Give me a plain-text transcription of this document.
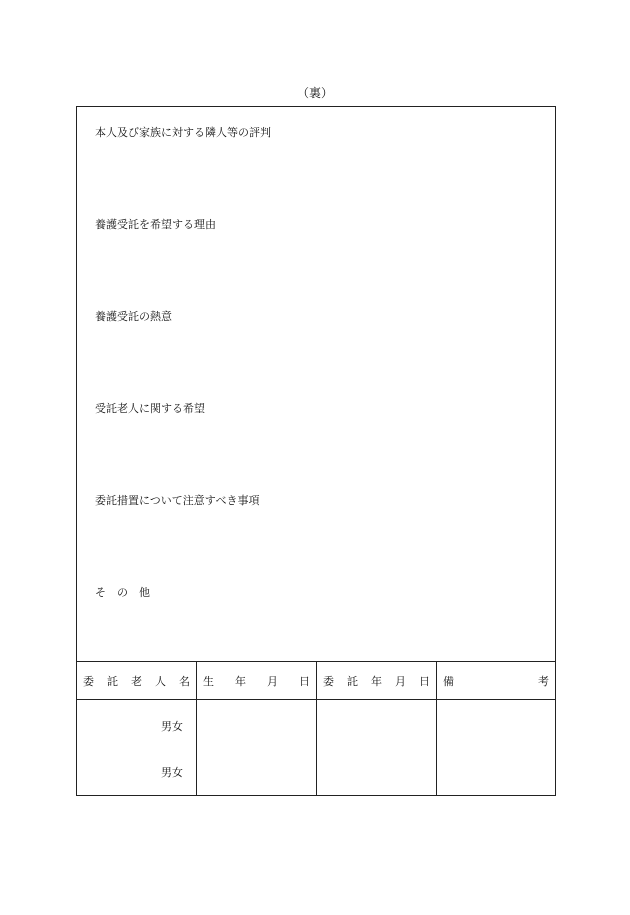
（裏）
本人及び家族に対する隣人等の評判
養護受託を希望する理由
養護受託の熱意
受託老人に関する希望
委託措置について注意すべき事項
そ　の　他
委 託 老 人 名 生 年 月 日 委 託 年 月 日 備	考
男女
男女
